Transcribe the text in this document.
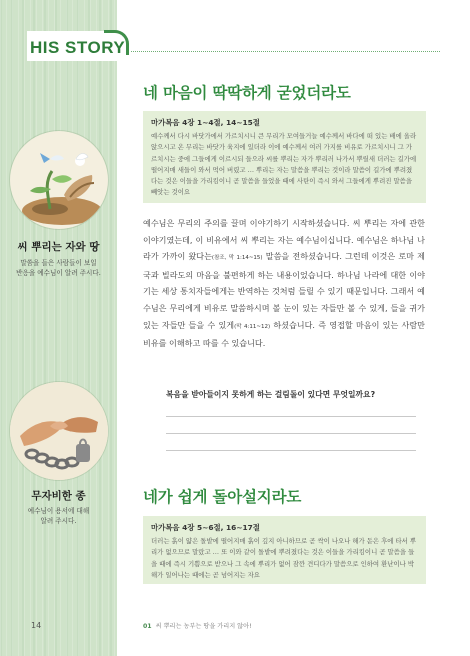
HIS STORY
씨 뿌리는 자와 땅
말씀을 들은 사람들이 보일
반응을 예수님이 알려 주시다.
무자비한 종
예수님이 용서에 대해
알려 주시다.
네 마음이 딱딱하게 굳었더라도
마가복음 4장 1~4절, 14~15절
예수께서 다시 바닷가에서 가르치시니 큰 무리가 모여들거늘 예수께서 바다에 떠 있는 배에 올라앉으시고 온 무리는 바닷가 육지에 있더라 이에 예수께서 여러 가지를 비유로 가르치시니 그 가르치시는 중에 그들에게 이르시되 들으라 씨를 뿌리는 자가 뿌리러 나가서 뿌릴새 더러는 길가에 떨어지매 새들이 와서 먹어 버렸고 … 뿌리는 자는 말씀을 뿌리는 것이라 말씀이 길가에 뿌려졌다는 것은 이들을 가리킴이니 곧 말씀을 들었을 때에 사탄이 즉시 와서 그들에게 뿌려진 말씀을 빼앗는 것이요
예수님은 무리의 주의를 끌며 이야기하기 시작하셨습니다. 씨 뿌리는 자에 관한 이야기였는데, 이 비유에서 씨 뿌리는 자는 예수님이십니다. 예수님은 하나님 나라가 가까이 왔다는(참조, 막 1:14~15) 말씀을 전하셨습니다. 그런데 이것은 로마 제국과 빌라도의 마음을 불편하게 하는 내용이었습니다. 하나님 나라에 대한 이야기는 세상 통치자들에게는 반역하는 것처럼 들릴 수 있기 때문입니다. 그래서 예수님은 무리에게 비유로 말씀하시며 볼 눈이 있는 자들만 볼 수 있게, 들을 귀가 있는 자들만 들을 수 있게(막 4:11~12) 하셨습니다. 즉 영접할 마음이 있는 사람만 비유를 이해하고 따를 수 있습니다.
복음을 받아들이지 못하게 하는 걸림돌이 있다면 무엇일까요?
네가 쉽게 돌아설지라도
마가복음 4장 5~6절, 16~17절
더러는 흙이 얇은 돌밭에 떨어지매 흙이 깊지 아니하므로 곧 싹이 나오나 해가 돋은 후에 타서 뿌리가 없으므로 말랐고 … 또 이와 같이 돌밭에 뿌려졌다는 것은 이들을 가리킴이니 곧 말씀을 들을 때에 즉시 기쁨으로 받으나 그 속에 뿌리가 없어 잠깐 견디다가 말씀으로 인하여 환난이나 박해가 일어나는 때에는 곧 넘어지는 자요
14	01 씨 뿌리는 농부는 땅을 가리지 않아!
